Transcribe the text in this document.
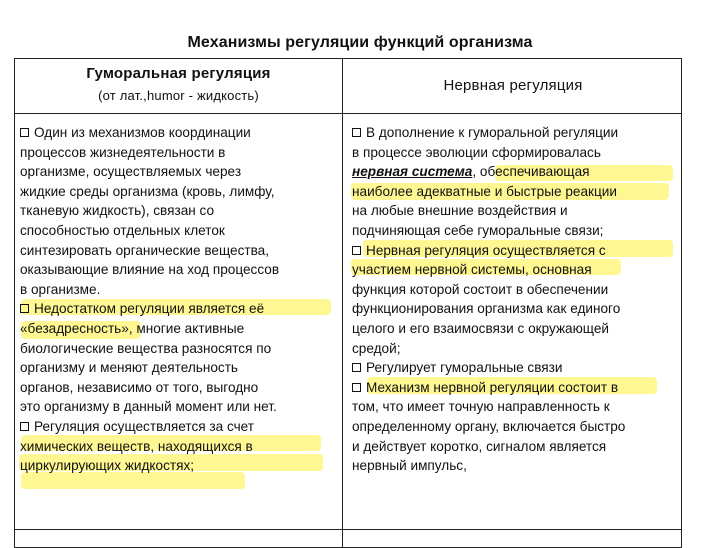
Механизмы регуляции функций организма
Гуморальная регуляция
(от лат.,humor - жидкость)
Нервная регуляция
Один из механизмов координации
процессов жизнедеятельности в
организме, осуществляемых через
жидкие среды организма (кровь, лимфу,
тканевую жидкость), связан со
способностью отдельных клеток
синтезировать органические вещества,
оказывающие влияние на ход процессов
в организме.
Недостатком регуляции является её
«безадресность», многие активные
биологические вещества разносятся по
организму и меняют деятельность
органов, независимо от того, выгодно
это организму в данный момент или нет.
Регуляция осуществляется за счет
химических веществ, находящихся в
циркулирующих жидкостях;
В дополнение к гуморальной регуляции
в процессе эволюции сформировалась
нервная система, обеспечивающая
наиболее адекватные и быстрые реакции
на любые внешние воздействия и
подчиняющая себе гуморальные связи;
Нервная регуляция осуществляется с
участием нервной системы, основная
функция которой состоит в обеспечении
функционирования организма как единого
целого и его взаимосвязи с окружающей
средой;
Регулирует гуморальные связи
Механизм нервной регуляции состоит в
том, что имеет точную направленность к
определенному органу, включается быстро
и действует коротко, сигналом является
нервный импульс,
